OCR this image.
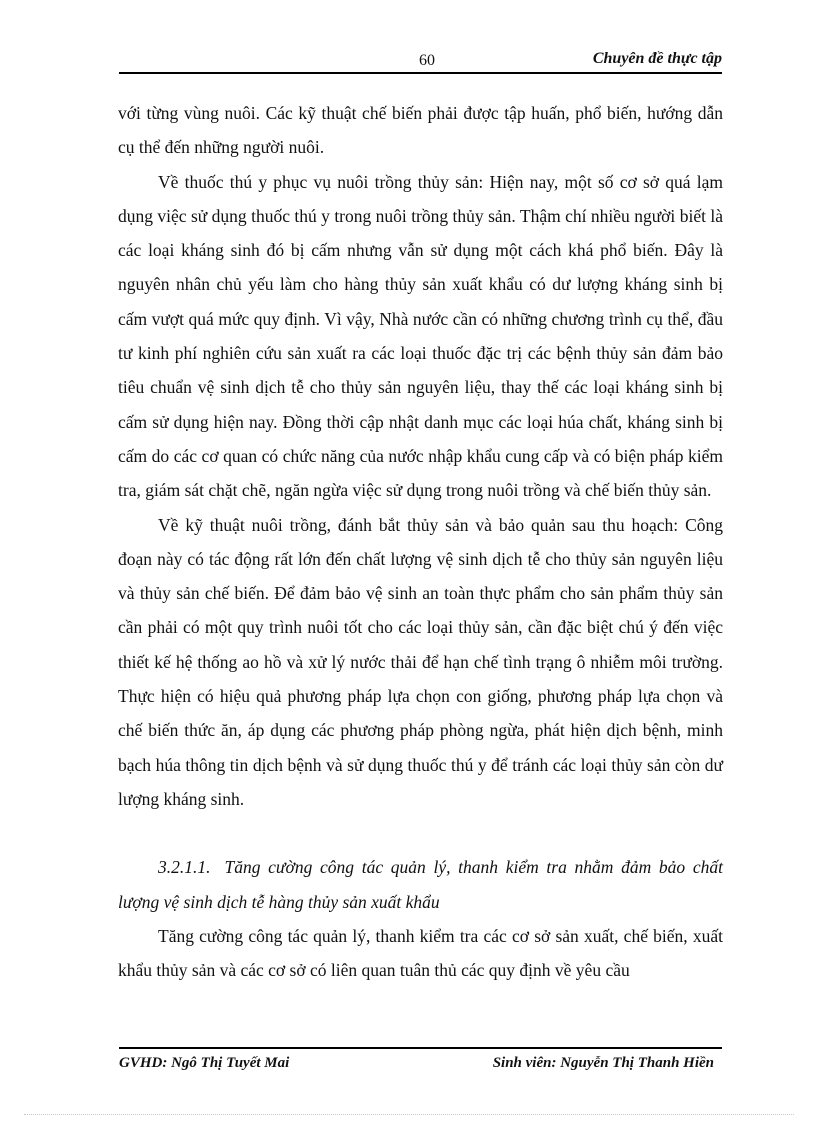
60	Chuyên đề thực tập

với từng vùng nuôi. Các kỹ thuật chế biến phải được tập huấn, phổ biến, hướng dẫn cụ thể đến những người nuôi.

Về thuốc thú y phục vụ nuôi trồng thủy sản: Hiện nay, một số cơ sở quá lạm dụng việc sử dụng thuốc thú y trong nuôi trồng thủy sản. Thậm chí nhiều người biết là các loại kháng sinh đó bị cấm nhưng vẫn sử dụng một cách khá phổ biến. Đây là nguyên nhân chủ yếu làm cho hàng thủy sản xuất khẩu có dư lượng kháng sinh bị cấm vượt quá mức quy định. Vì vậy, Nhà nước cần có những chương trình cụ thể, đầu tư kinh phí nghiên cứu sản xuất ra các loại thuốc đặc trị các bệnh thủy sản đảm bảo tiêu chuẩn vệ sinh dịch tễ cho thủy sản nguyên liệu, thay thế các loại kháng sinh bị cấm sử dụng hiện nay. Đồng thời cập nhật danh mục các loại húa chất, kháng sinh bị cấm do các cơ quan có chức năng của nước nhập khẩu cung cấp và có biện pháp kiểm tra, giám sát chặt chẽ, ngăn ngừa việc sử dụng trong nuôi trồng và chế biến thủy sản.

Về kỹ thuật nuôi trồng, đánh bắt thủy sản và bảo quản sau thu hoạch: Công đoạn này có tác động rất lớn đến chất lượng vệ sinh dịch tễ cho thủy sản nguyên liệu và thủy sản chế biến. Để đảm bảo vệ sinh an toàn thực phẩm cho sản phẩm thủy sản cần phải có một quy trình nuôi tốt cho các loại thủy sản, cần đặc biệt chú ý đến việc thiết kế hệ thống ao hồ và xử lý nước thải để hạn chế tình trạng ô nhiễm môi trường. Thực hiện có hiệu quả phương pháp lựa chọn con giống, phương pháp lựa chọn và chế biến thức ăn, áp dụng các phương pháp phòng ngừa, phát hiện dịch bệnh, minh bạch húa thông tin dịch bệnh và sử dụng thuốc thú y để tránh các loại thủy sản còn dư lượng kháng sinh.

3.2.1.1. Tăng cường công tác quản lý, thanh kiểm tra nhằm đảm bảo chất lượng vệ sinh dịch tễ hàng thủy sản xuất khẩu

Tăng cường công tác quản lý, thanh kiểm tra các cơ sở sản xuất, chế biến, xuất khẩu thủy sản và các cơ sở có liên quan tuân thủ các quy định về yêu cầu

GVHD: Ngô Thị Tuyết Mai	Sinh viên: Nguyễn Thị Thanh Hiền
